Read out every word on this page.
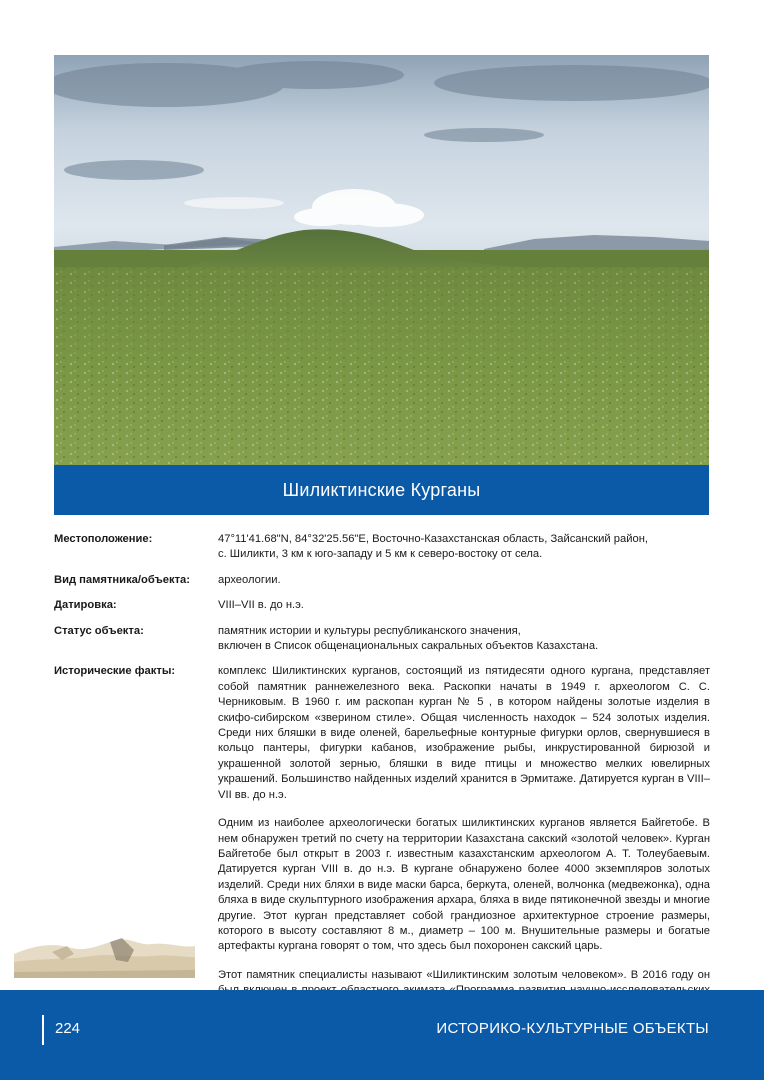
Шиликтинские Курганы
Местоположение:	47°11'41.68"N, 84°32'25.56"E, Восточно-Казахстанская область, Зайсанский район,
с. Шиликти, 3 км к юго-западу и 5 км к северо-востоку от села.
Вид памятника/объекта:	археологии.
Датировка:	VIII–VII в. до н.э.
Статус объекта:	памятник истории и культуры республиканского значения,
включен в Список общенациональных сакральных объектов Казахстана.
Исторические факты:	комплекс Шиликтинских курганов, состоящий из пятидесяти одного кургана, представляет собой памятник раннежелезного века. Раскопки начаты в 1949 г. археологом С. С. Черниковым. В 1960 г. им раскопан курган № 5 , в котором найдены золотые изделия в скифо-сибирском «зверином стиле». Общая численность находок – 524 золотых изделия. Среди них бляшки в виде оленей, барельефные контурные фигурки орлов, свернувшиеся в кольцо пантеры, фигурки кабанов, изображение рыбы, инкрустированной бирюзой и украшенной золотой зернью, бляшки в виде птицы и множество мелких ювелирных украшений. Большинство найденных изделий хранится в Эрмитаже. Датируется курган в VIII–VII вв. до н.э.

Одним из наиболее археологически богатых шиликтинских курганов является Байгетобе. В нем обнаружен третий по счету на территории Казахстана сакский «золотой человек». Курган Байгетобе был открыт в 2003 г. известным казахстанским археологом А. Т. Толеубаевым. Датируется курган VIII в. до н.э. В кургане обнаружено более 4000 экземпляров золотых изделий. Среди них бляхи в виде маски барса, беркута, оленей, волчонка (медвежонка), одна бляха в виде скульптурного изображения архара, бляха в виде пятиконечной звезды и многие другие. Этот курган представляет собой грандиозное архитектурное строение размеры, которого в высоту составляют 8 м., диаметр – 100 м. Внушительные размеры и богатые артефакты кургана говорят о том, что здесь был похоронен сакский царь.

Этот памятник специалисты называют «Шиликтинским золотым человеком». В 2016 году он

224	ИСТОРИКО-КУЛЬТУРНЫЕ ОБЪЕКТЫ
